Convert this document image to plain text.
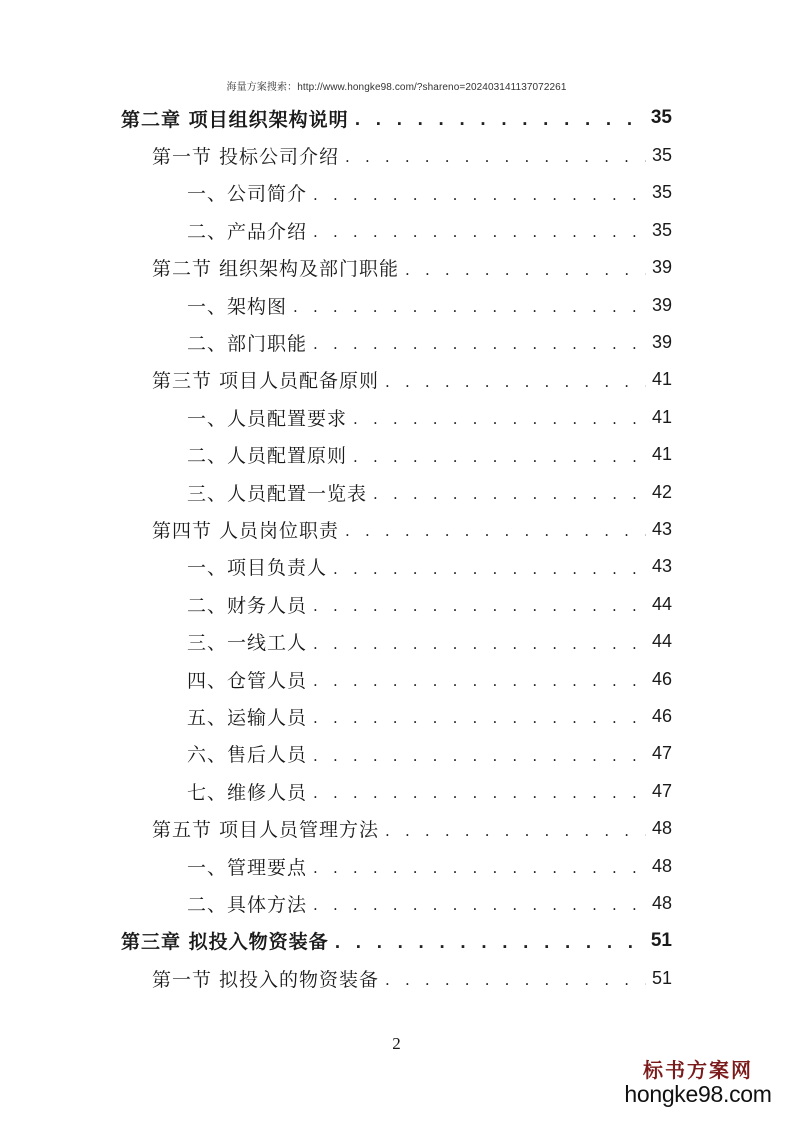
海量方案搜索：http://www.hongke98.com/?shareno=20240314113707226​1
第二章 项目组织架构说明 . . .	35
第一节 投标公司介绍 . . .	35
一、公司简介 . . .	35
二、产品介绍 . . .	35
第二节 组织架构及部门职能 . . .	39
一、架构图 . . .	39
二、部门职能 . . .	39
第三节 项目人员配备原则 . . .	41
一、人员配置要求 . . .	41
二、人员配置原则 . . .	41
三、人员配置一览表 . . .	42
第四节 人员岗位职责 . . .	43
一、项目负责人 . . .	43
二、财务人员 . . .	44
三、一线工人 . . .	44
四、仓管人员 . . .	46
五、运输人员 . . .	46
六、售后人员 . . .	47
七、维修人员 . . .	47
第五节 项目人员管理方法 . . .	48
一、管理要点 . . .	48
二、具体方法 . . .	48
第三章 拟投入物资装备 . . .	51
第一节 拟投入的物资装备 . . .	51
2
标书方案网
hongke98.com
